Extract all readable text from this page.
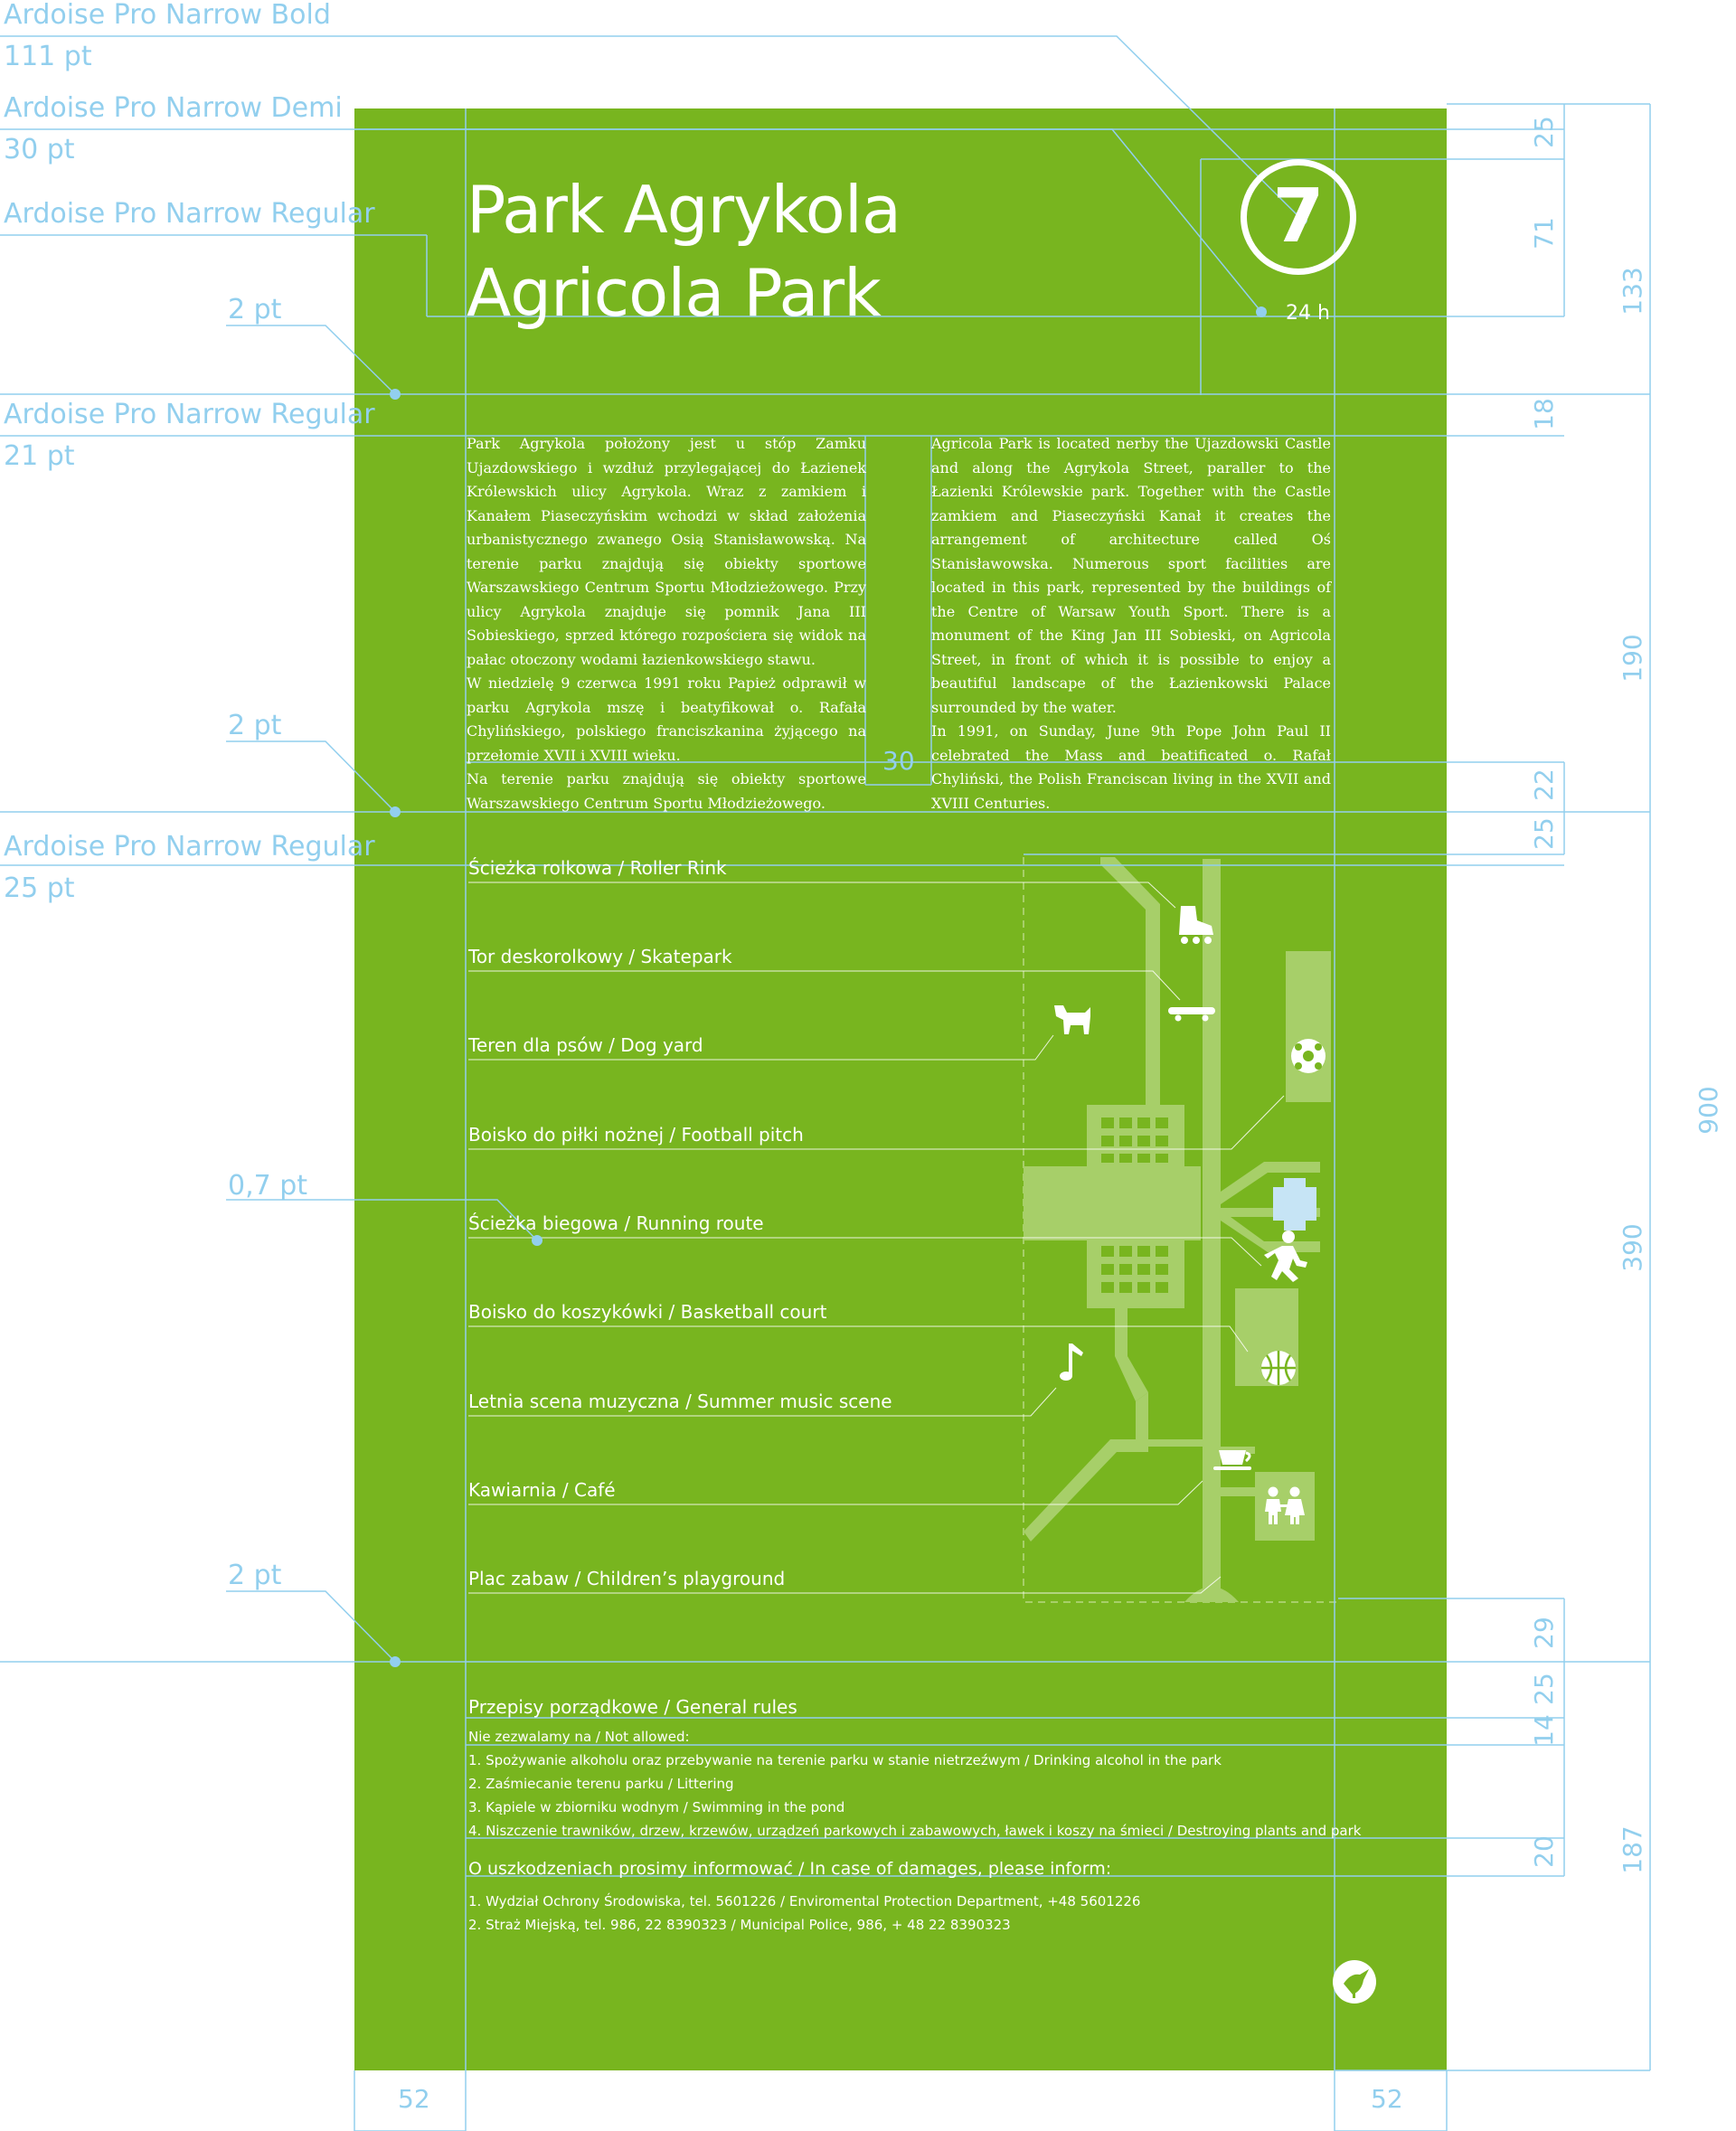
Ardoise Pro Narrow Bold
111 pt
Ardoise Pro Narrow Demi
30 pt
Ardoise Pro Narrow Regular
2 pt
Ardoise Pro Narrow Regular
21 pt
2 pt
Ardoise Pro Narrow Regular
25 pt
0,7 pt
2 pt
25
71
133
18
190
22
25
390
900
29
25
14
20 187
30
52	52
Park Agrykola
Agricola Park
7
24 h

Park Agrykola położony jest u stóp Zamku Ujazdowskiego i wzdłuż przylegającej do Łazienek Królewskich ulicy Agrykola. Wraz z zamkiem i Kanałem Piaseczyńskim wchodzi w skład założenia urbanistycznego zwanego Osią Stanisławowską. Na terenie parku znajdują się obiekty sportowe Warszawskiego Centrum Sportu Młodzieżowego. Przy ulicy Agrykola znajduje się pomnik Jana III Sobieskiego, sprzed którego rozpościera się widok na pałac otoczony wodami łazienkowskiego stawu.

W niedzielę 9 czerwca 1991 roku Papież odprawił w parku Agrykola mszę i beatyfikował o. Rafała Chylińskiego, polskiego franciszkanina żyjącego na przełomie XVII i XVIII wieku.

Na terenie parku znajdują się obiekty sportowe Warszawskiego Centrum Sportu Młodzieżowego.

Agricola Park is located nerby the Ujazdowski Castle and along the Agrykola Street, paraller to the Łazienki Królewskie park. Together with the Castle zamkiem and Piaseczyński Kanał it creates the arrangement of architecture called Oś Stanisławowska. Numerous sport facilities are located in this park, represented by the buildings of the Centre of Warsaw Youth Sport. There is a monument of the King Jan III Sobieski, on Agricola Street, in front of which it is possible to enjoy a beautiful landscape of the Łazienkowski Palace surrounded by the water.

In 1991, on Sunday, June 9th Pope John Paul II celebrated the Mass and beatificated o. Rafał Chyliński, the Polish Franciscan living in the XVII and XVIII Centuries.

Ścieżka rolkowa / Roller Rink
Tor deskorolkowy / Skatepark
Teren dla psów / Dog yard
Boisko do piłki nożnej / Football pitch
Ścieżka biegowa / Running route
Boisko do koszykówki / Basketball court
Letnia scena muzyczna / Summer music scene
Kawiarnia / Café
Plac zabaw / Children’s playground
Przepisy porządkowe / General rules
Nie zezwalamy na / Not allowed:
1. Spożywanie alkoholu oraz przebywanie na terenie parku w stanie nietrzeźwym / Drinking alcohol in the park
2. Zaśmiecanie terenu parku / Littering
3. Kąpiele w zbiorniku wodnym / Swimming in the pond
4. Niszczenie trawników, drzew, krzewów, urządzeń parkowych i zabawowych, ławek i koszy na śmieci / Destroying plants and park
O uszkodzeniach prosimy informować / In case of damages, please inform:
1. Wydział Ochrony Środowiska, tel. 5601226 / Enviromental Protection Department, +48 5601226
2. Straż Miejską, tel. 986, 22 8390323 / Municipal Police, 986, + 48 22 8390323
